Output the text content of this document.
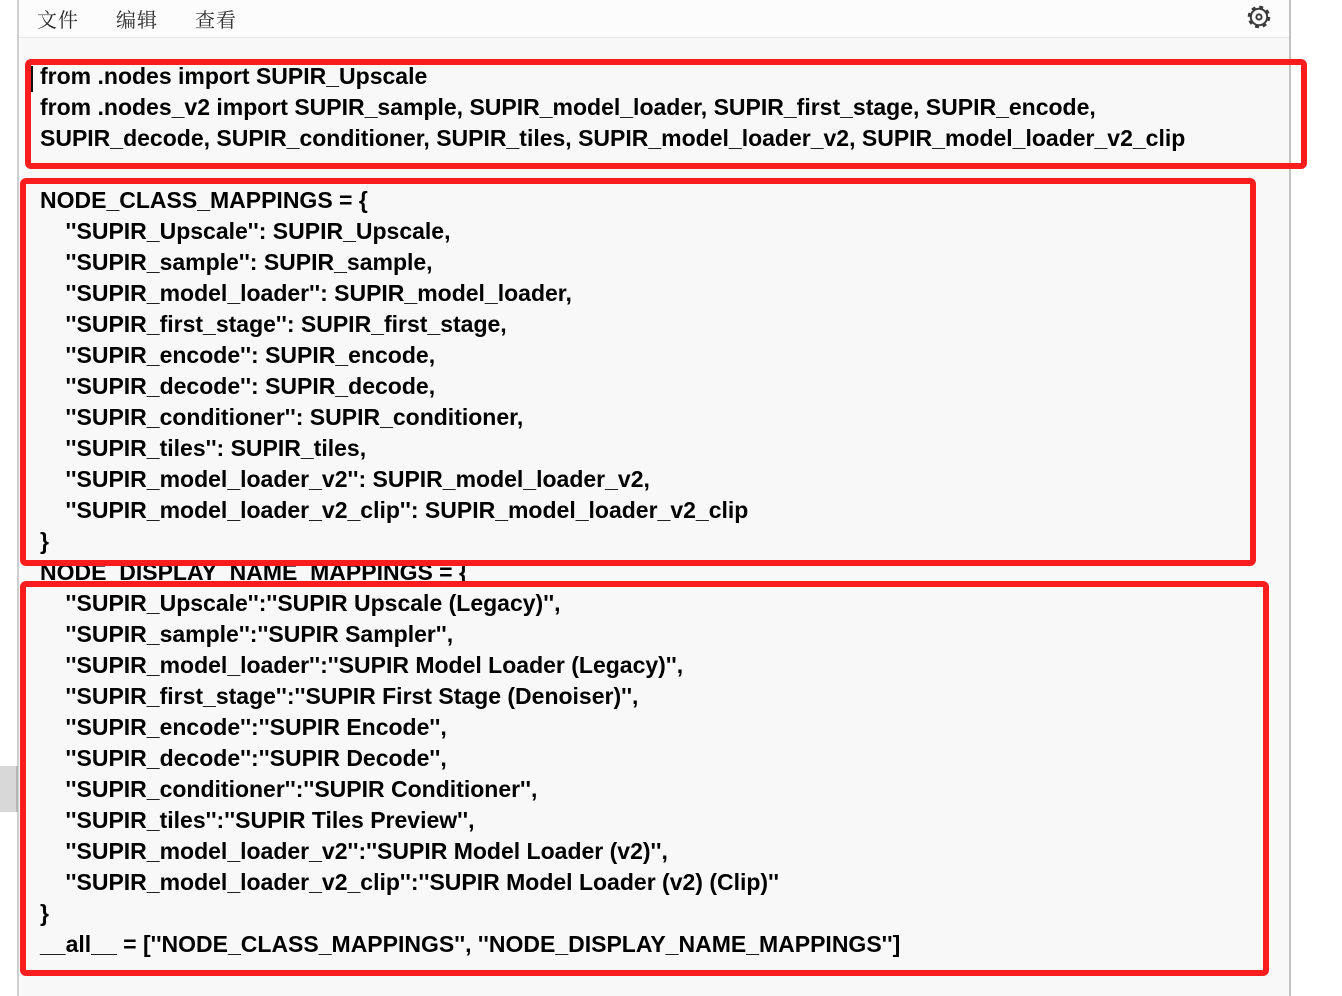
文件 编辑 查看
from .nodes import SUPIR_Upscale
from .nodes_v2 import SUPIR_sample, SUPIR_model_loader, SUPIR_first_stage, SUPIR_encode,
SUPIR_decode, SUPIR_conditioner, SUPIR_tiles, SUPIR_model_loader_v2, SUPIR_model_loader_v2_clip
NODE_CLASS_MAPPINGS = {
''SUPIR_Upscale'': SUPIR_Upscale,
''SUPIR_sample'': SUPIR_sample,
''SUPIR_model_loader'': SUPIR_model_loader,
''SUPIR_first_stage'': SUPIR_first_stage,
''SUPIR_encode'': SUPIR_encode,
''SUPIR_decode'': SUPIR_decode,
''SUPIR_conditioner'': SUPIR_conditioner,
''SUPIR_tiles'': SUPIR_tiles,
''SUPIR_model_loader_v2'': SUPIR_model_loader_v2,
''SUPIR_model_loader_v2_clip'': SUPIR_model_loader_v2_clip
}
NODE_DISPLAY_NAME_MAPPINGS = {
''SUPIR_Upscale'':''SUPIR Upscale (Legacy)'',
''SUPIR_sample'':''SUPIR Sampler'',
''SUPIR_model_loader'':''SUPIR Model Loader (Legacy)'',
''SUPIR_first_stage'':''SUPIR First Stage (Denoiser)'',
''SUPIR_encode'':''SUPIR Encode'',
''SUPIR_decode'':''SUPIR Decode'',
''SUPIR_conditioner'':''SUPIR Conditioner'',
''SUPIR_tiles'':''SUPIR Tiles Preview'',
''SUPIR_model_loader_v2'':''SUPIR Model Loader (v2)'',
''SUPIR_model_loader_v2_clip'':''SUPIR Model Loader (v2) (Clip)''
}
__all__ = [''NODE_CLASS_MAPPINGS'', ''NODE_DISPLAY_NAME_MAPPINGS'']
